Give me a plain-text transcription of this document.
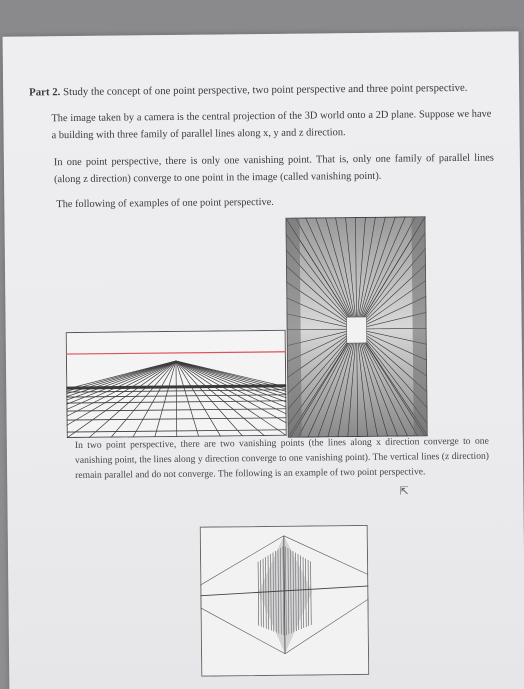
Part 2. Study the concept of one point perspective, two point perspective and three point perspective.
The image taken by a camera is the central projection of the 3D world onto a 2D plane. Suppose we have a building with three family of parallel lines along x, y and z direction.
In one point perspective, there is only one vanishing point. That is, only one family of parallel lines (along z direction) converge to one point in the image (called vanishing point).
The following of examples of one point perspective.
In two point perspective, there are two vanishing points (the lines along x direction converge to one vanishing point, the lines along y direction converge to one vanishing point). The vertical lines (z direction) remain parallel and do not converge. The following is an example of two point perspective.
⇱
